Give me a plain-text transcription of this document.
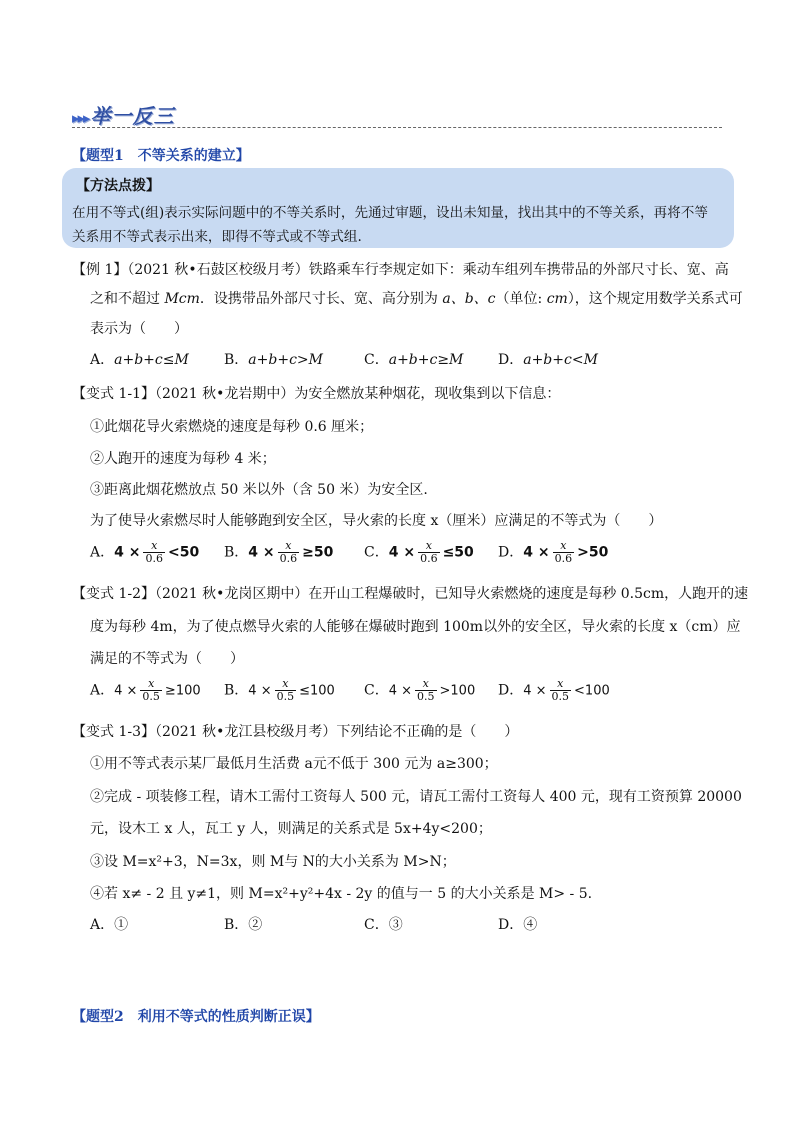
▸▸▸ 举一反三
【题型1　不等关系的建立】
【方法点拨】
在用不等式(组)表示实际问题中的不等关系时，先通过审题，设出未知量，找出其中的不等关系，再将不等
关系用不等式表示出来，即得不等式或不等式组.
【例 1】（2021 秋•石鼓区校级月考）铁路乘车行李规定如下：乘动车组列车携带品的外部尺寸长、宽、高
之和不超过 Mcm．设携带品外部尺寸长、宽、高分别为 a、b、c（单位: cm），这个规定用数学关系式可
表示为（　　）
A．a+b+c≤M	B．a+b+c>M	C．a+b+c≥M D．a+b+c<M
【变式 1-1】（2021 秋•龙岩期中）为安全燃放某种烟花，现收集到以下信息：
①此烟花导火索燃烧的速度是每秒 0.6 厘米；
②人跑开的速度为每秒 4 米；
③距离此烟花燃放点 50 米以外（含 50 米）为安全区.
为了使导火索燃尽时人能够跑到安全区，导火索的长度 x（厘米）应满足的不等式为（　　）
A．$4 \times \frac{x}{0.6} <50$ B．$4 \times \frac{x}{0.6} \ge 50$ C．$4 \times \frac{x}{0.6} \le 50$ D．$4 \times \frac{x}{0.6} >50$
【变式 1-2】（2021 秋•龙岗区期中）在开山工程爆破时，已知导火索燃烧的速度是每秒 0.5cm，人跑开的速
度为每秒 4m，为了使点燃导火索的人能够在爆破时跑到 100m以外的安全区，导火索的长度 x（cm）应
满足的不等式为（　　）
A．$4 \times \frac{x}{0.5} \ge 100$ B．$4 \times \frac{x}{0.5} \le 100$ C．$4 \times \frac{x}{0.5} >100$ D．$4 \times \frac{x}{0.5} <100$
【变式 1-3】（2021 秋•龙江县校级月考）下列结论不正确的是（　　）
①用不等式表示某厂最低月生活费 a元不低于 300 元为 a≥300；
②完成 - 项装修工程，请木工需付工资每人 500 元，请瓦工需付工资每人 400 元，现有工资预算 20000
元，设木工 x 人，瓦工 y 人，则满足的关系式是 5x+4y<200；
③设 M=x²+3，N=3x，则 M与 N的大小关系为 M>N；
④若 x≠ - 2 且 y≠1，则 M=x²+y²+4x - 2y 的值与一 5 的大小关系是 M> - 5.
A．①	B．②	C．③	D．④
【题型2　利用不等式的性质判断正误】
